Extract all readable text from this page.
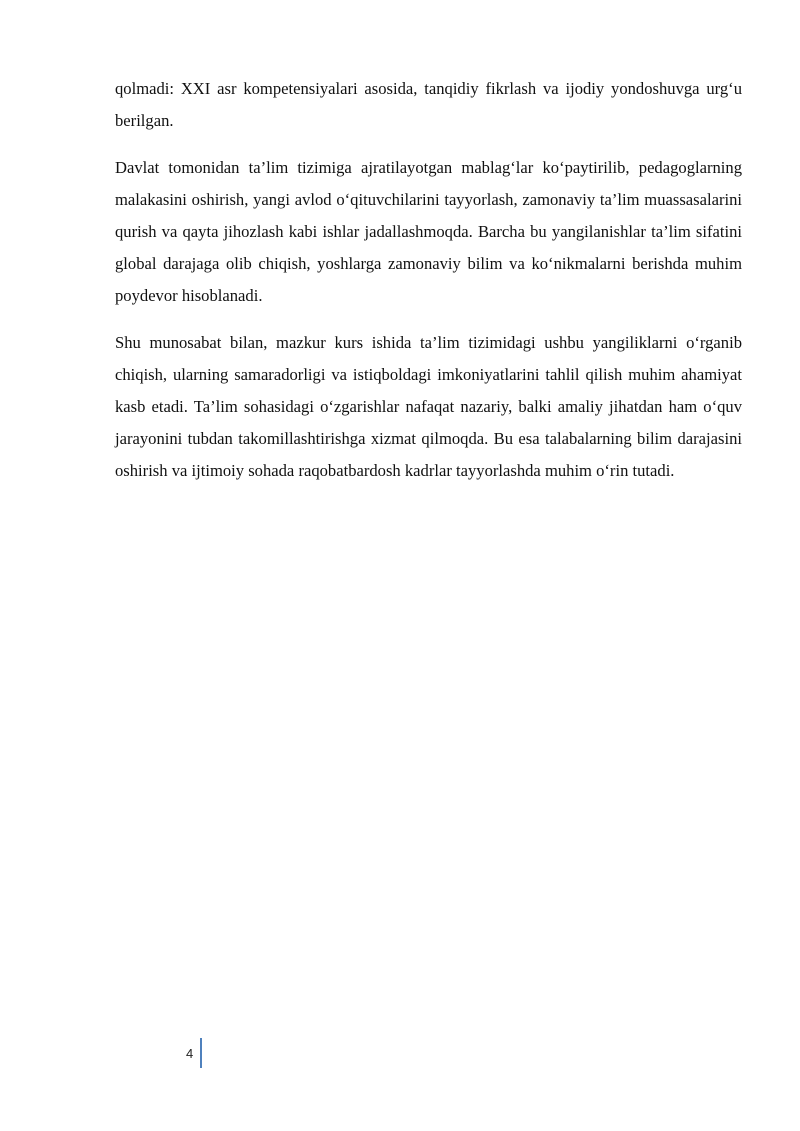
qolmadi: XXI asr kompetensiyalari asosida, tanqidiy fikrlash va ijodiy yondoshuvga urg‘u berilgan.

Davlat tomonidan ta’lim tizimiga ajratilayotgan mablag‘lar ko‘paytirilib, pedagoglarning malakasini oshirish, yangi avlod o‘qituvchilarini tayyorlash, zamonaviy ta’lim muassasalarini qurish va qayta jihozlash kabi ishlar jadallashmoqda. Barcha bu yangilanishlar ta’lim sifatini global darajaga olib chiqish, yoshlarga zamonaviy bilim va ko‘nikmalarni berishda muhim poydevor hisoblanadi.

Shu munosabat bilan, mazkur kurs ishida ta’lim tizimidagi ushbu yangiliklarni o‘rganib chiqish, ularning samaradorligi va istiqboldagi imkoniyatlarini tahlil qilish muhim ahamiyat kasb etadi. Ta’lim sohasidagi o‘zgarishlar nafaqat nazariy, balki amaliy jihatdan ham o‘quv jarayonini tubdan takomillashtirishga xizmat qilmoqda. Bu esa talabalarning bilim darajasini oshirish va ijtimoiy sohada raqobatbardosh kadrlar tayyorlashda muhim o‘rin tutadi.

4
